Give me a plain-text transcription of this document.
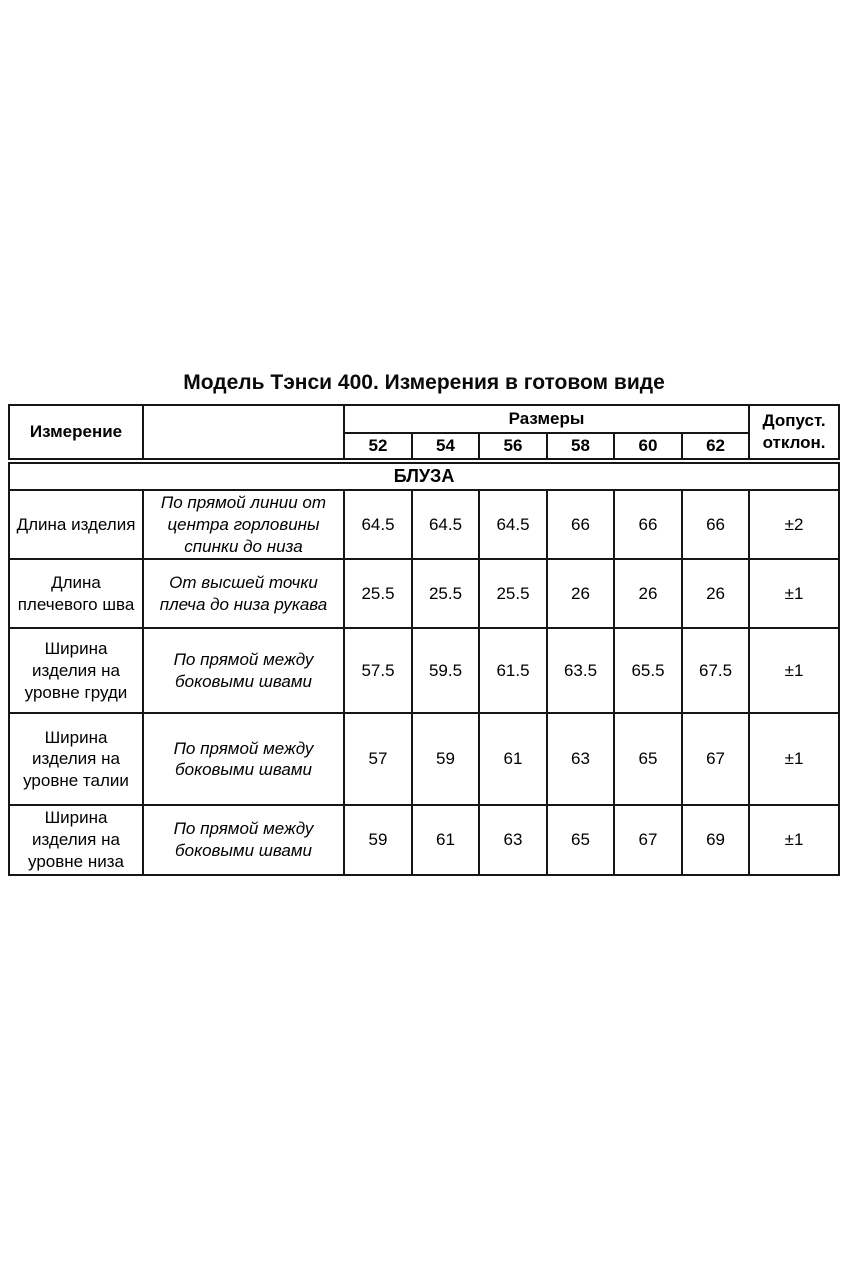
Модель Тэнси 400. Измерения в готовом виде
Измерение		Размеры						Допуст. отклон.
		52	54	56	58	60	62	
БЛУЗА								
Длина изделия	По прямой линии от центра горловины спинки до низа	64.5	64.5	64.5	66	66	66	±2
Длина плечевого шва	От высшей точки плеча до низа рукава	25.5	25.5	25.5	26	26	26	±1
Ширина изделия на уровне груди	По прямой между боковыми швами	57.5	59.5	61.5	63.5	65.5	67.5	±1
Ширина изделия на уровне талии	По прямой между боковыми швами	57	59	61	63	65	67	±1
Ширина изделия на уровне низа	По прямой между боковыми швами	59	61	63	65	67	69	±1
